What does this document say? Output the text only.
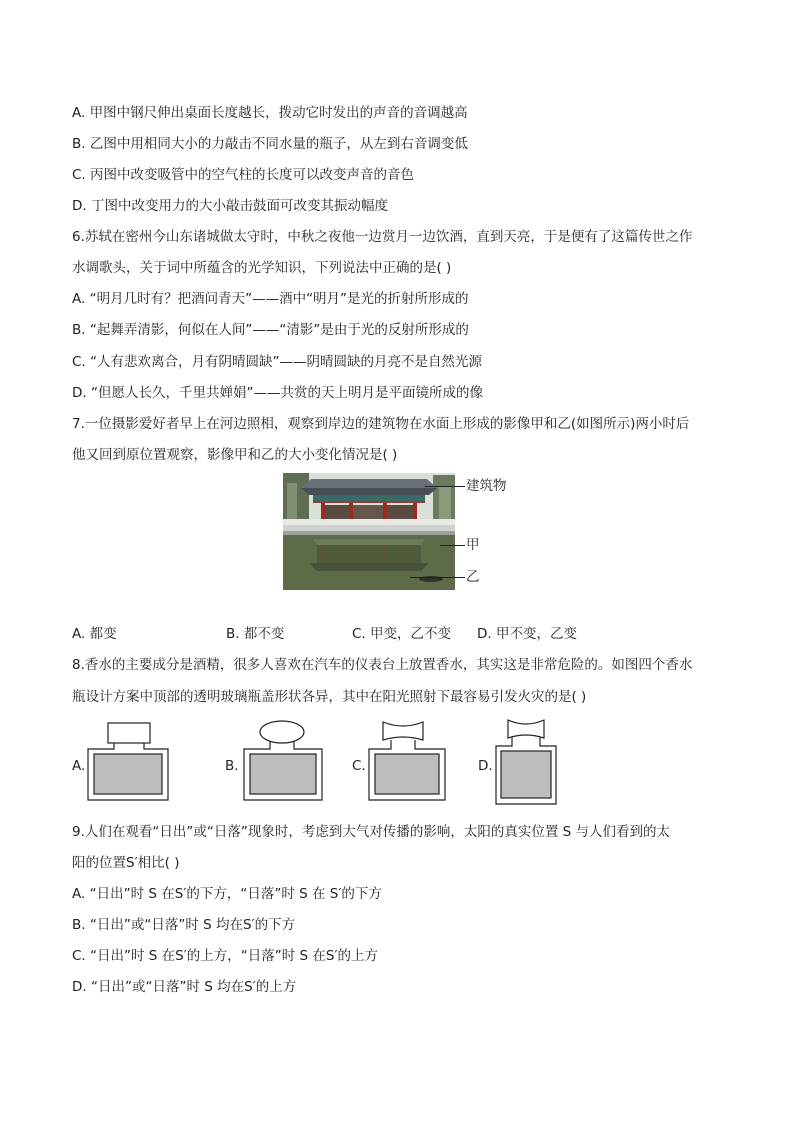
A. 甲图中钢尺伸出桌面长度越长，拨动它时发出的声音的音调越高
B. 乙图中用相同大小的力敲击不同水量的瓶子，从左到右音调变低
C. 丙图中改变吸管中的空气柱的长度可以改变声音的音色
D. 丁图中改变用力的大小敲击鼓面可改变其振动幅度
6.苏轼在密州今山东诸城做太守时，中秋之夜他一边赏月一边饮酒，直到天亮，于是便有了这篇传世之作
水调歌头，关于词中所蕴含的光学知识，下列说法中正确的是( )
A. “明月几时有？把酒问青天”——酒中“明月”是光的折射所形成的
B. “起舞弄清影，何似在人间”——“清影”是由于光的反射所形成的
C. “人有悲欢离合，月有阴晴圆缺”——阴晴圆缺的月亮不是自然光源
D. “但愿人长久，千里共婵娟”——共赏的天上明月是平面镜所成的像
7.一位摄影爱好者早上在河边照相，观察到岸边的建筑物在水面上形成的影像甲和乙(如图所示)两小时后
他又回到原位置观察，影像甲和乙的大小变化情况是( )
建筑物
甲
乙
A. 都变	B. 都不变	C. 甲变，乙不变 D. 甲不变，乙变
8.香水的主要成分是酒精，很多人喜欢在汽车的仪表台上放置香水，其实这是非常危险的。如图四个香水
瓶设计方案中顶部的透明玻璃瓶盖形状各异，其中在阳光照射下最容易引发火灾的是( )
A.	B.	C.	D.
9.人们在观看“日出”或“日落”现象时，考虑到大气对传播的影响，太阳的真实位置 S 与人们看到的太
阳的位置S′相比( )
A. “日出”时 S 在S′的下方，“日落”时 S 在 S′的下方
B. “日出”或“日落”时 S 均在S′的下方
C. “日出”时 S 在S′的上方，“日落”时 S 在S′的上方
D. “日出”或“日落”时 S 均在S′的上方
